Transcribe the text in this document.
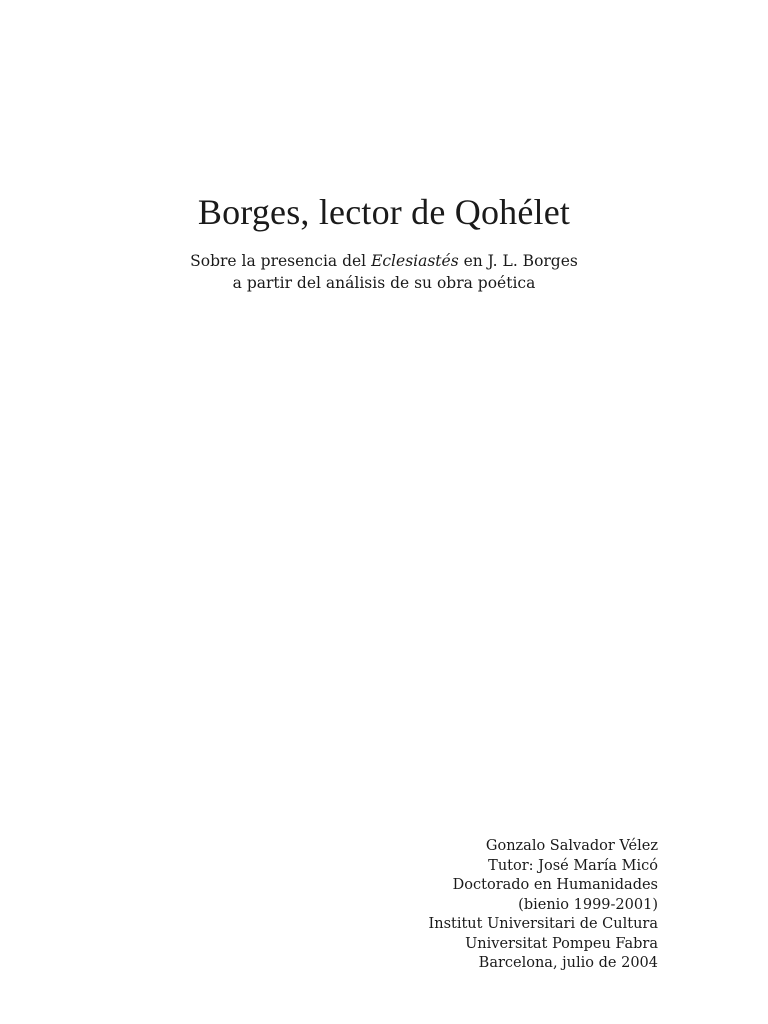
Borges, lector de Qohélet
Sobre la presencia del Eclesiastés en J. L. Borges
a partir del análisis de su obra poética
Gonzalo Salvador Vélez
Tutor: José María Micó
Doctorado en Humanidades
(bienio 1999-2001)
Institut Universitari de Cultura
Universitat Pompeu Fabra
Barcelona, julio de 2004
